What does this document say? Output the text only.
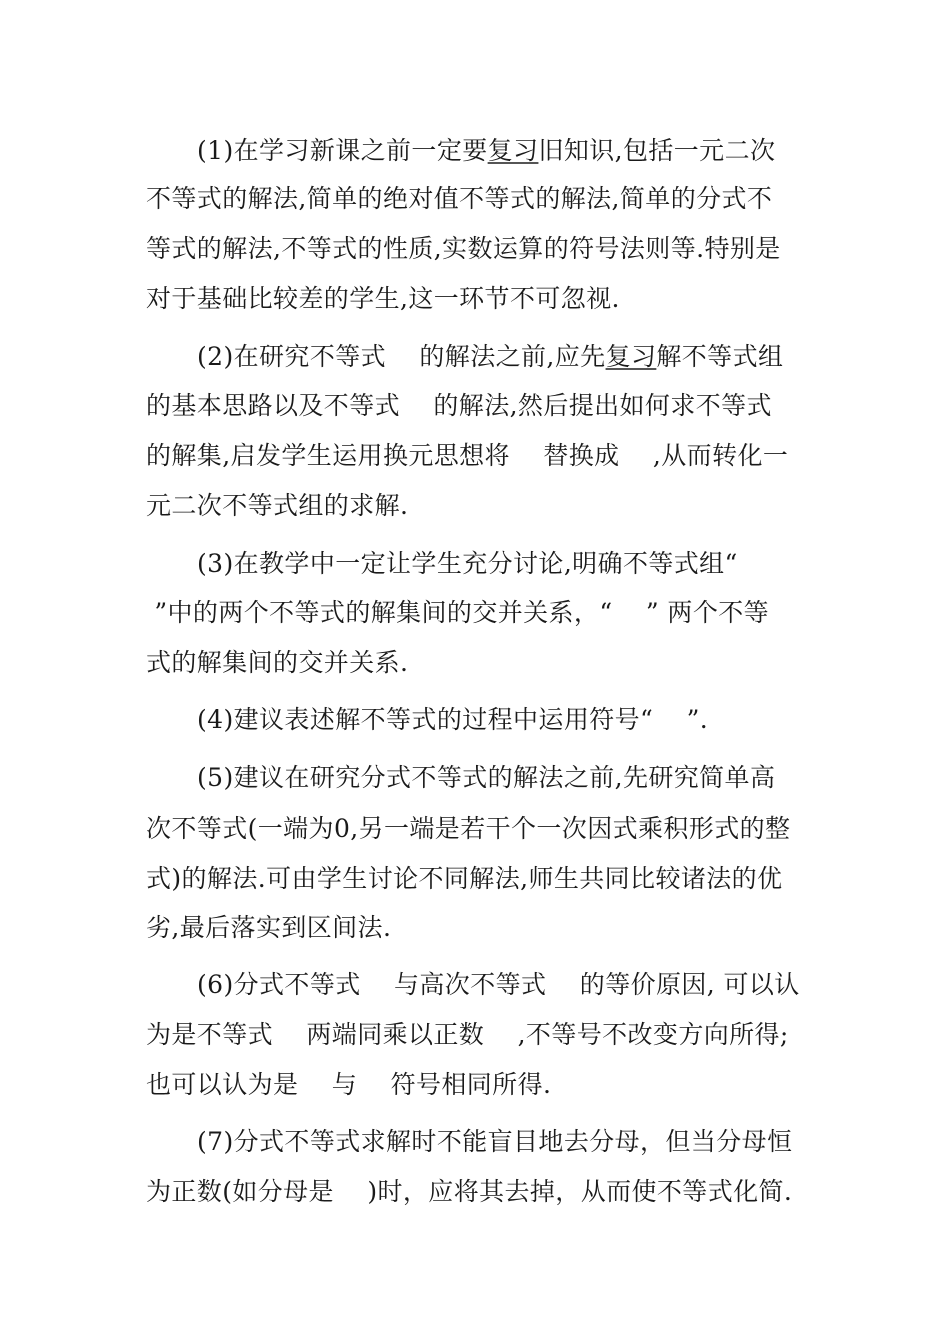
(1)在学习新课之前一定要复习旧知识,包括一元二次
不等式的解法,简单的绝对值不等式的解法,简单的分式不
等式的解法,不等式的性质,实数运算的符号法则等.特别是
对于基础比较差的学生,这一环节不可忽视.
(2)在研究不等式    的解法之前,应先复习解不等式组
的基本思路以及不等式    的解法,然后提出如何求不等式
的解集,启发学生运用换元思想将    替换成    ,从而转化一
元二次不等式组的求解.
(3)在教学中一定让学生充分讨论,明确不等式组“
”中的两个不等式的解集间的交并关系，“    ” 两个不等
式的解集间的交并关系.
(4)建议表述解不等式的过程中运用符号“    ”.
(5)建议在研究分式不等式的解法之前,先研究简单高
次不等式(一端为0,另一端是若干个一次因式乘积形式的整
式)的解法.可由学生讨论不同解法,师生共同比较诸法的优
劣,最后落实到区间法.
(6)分式不等式    与高次不等式    的等价原因, 可以认
为是不等式    两端同乘以正数    ,不等号不改变方向所得;
也可以认为是    与    符号相同所得.
(7)分式不等式求解时不能盲目地去分母，但当分母恒
为正数(如分母是    )时，应将其去掉，从而使不等式化简.
